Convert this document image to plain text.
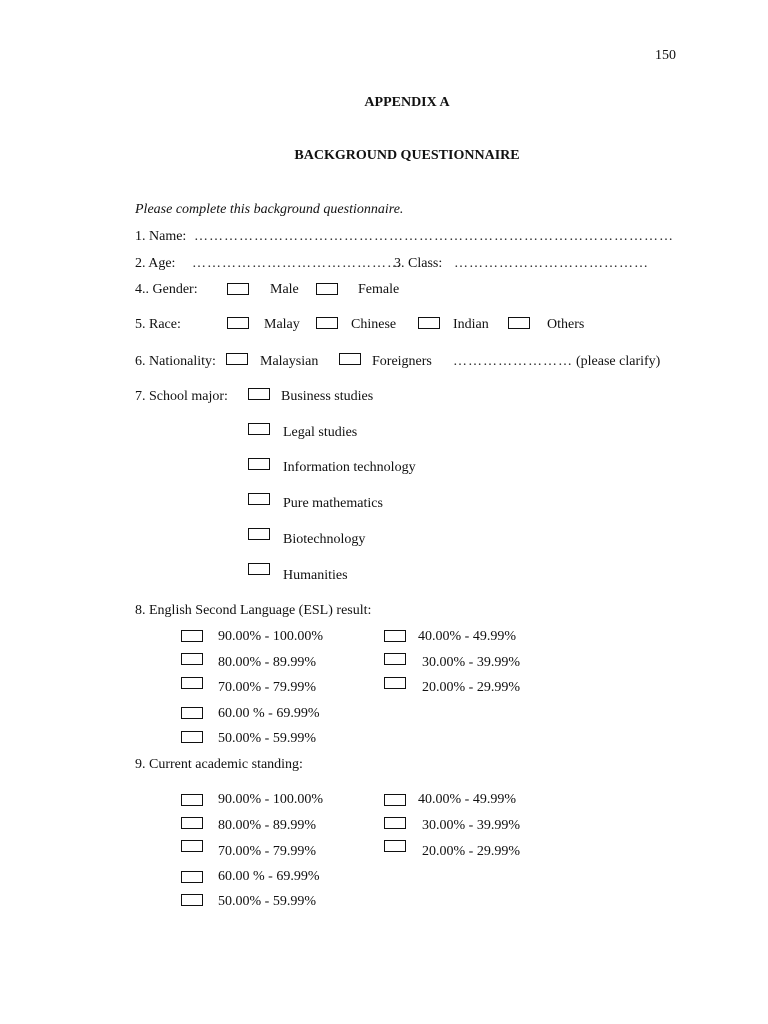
150
APPENDIX A
BACKGROUND QUESTIONNAIRE
Please complete this background questionnaire.
1. Name: ……………………………………………………………………………………
2. Age: ……………………………………
3. Class: …………………………………
4.. Gender:	Male	Female
5. Race:	Malay	Chinese	Indian	Others
6. Nationality:	Malaysian	Foreigners …………………… (please clarify)
7. School major:	Business studies
Legal studies
Information technology
Pure mathematics
Biotechnology
Humanities
8. English Second Language (ESL) result:
90.00% - 100.00%
80.00% - 89.99%
70.00% - 79.99%
60.00 % - 69.99%
50.00% - 59.99%
40.00% - 49.99%
30.00% - 39.99%
20.00% - 29.99%
9. Current academic standing:
90.00% - 100.00%
80.00% - 89.99%
70.00% - 79.99%
60.00 % - 69.99%
50.00% - 59.99%
40.00% - 49.99%
30.00% - 39.99%
20.00% - 29.99%
